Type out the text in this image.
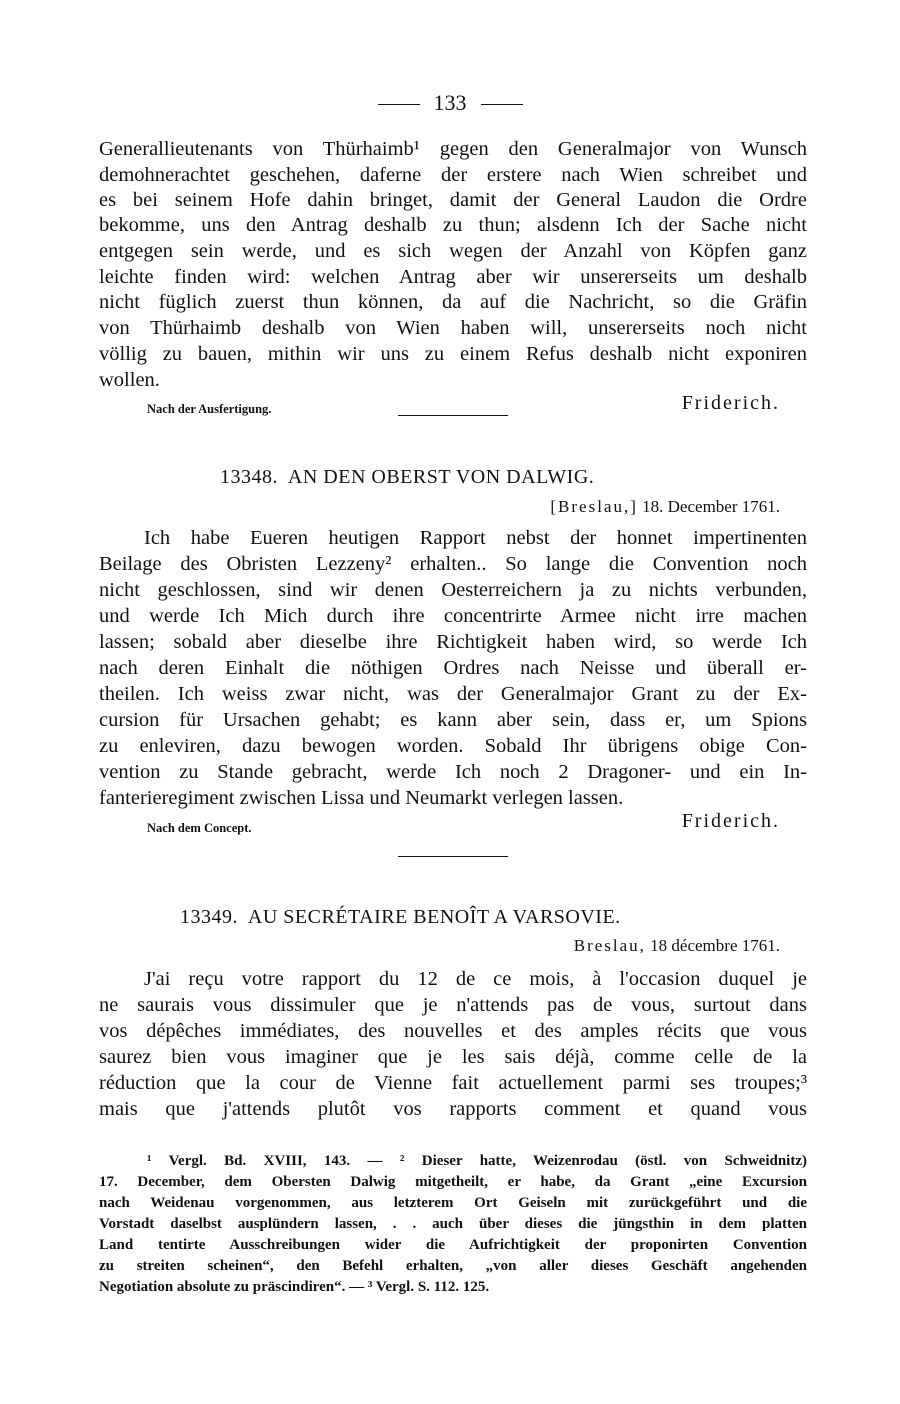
133
Generallieutenants von Thürhaimb¹ gegen den Generalmajor von Wunsch
demohnerachtet geschehen, daferne der erstere nach Wien schreibet und
es bei seinem Hofe dahin bringet, damit der General Laudon die Ordre
bekomme, uns den Antrag deshalb zu thun; alsdenn Ich der Sache nicht
entgegen sein werde, und es sich wegen der Anzahl von Köpfen ganz
leichte finden wird: welchen Antrag aber wir unsererseits um deshalb
nicht füglich zuerst thun können, da auf die Nachricht, so die Gräfin
von Thürhaimb deshalb von Wien haben will, unsererseits noch nicht
völlig zu bauen, mithin wir uns zu einem Refus deshalb nicht exponiren
wollen.
Nach der Ausfertigung.	Friderich.
13348. AN DEN OBERST VON DALWIG.
[Breslau,] 18. December 1761.
Ich habe Eueren heutigen Rapport nebst der honnet impertinenten
Beilage des Obristen Lezzeny² erhalten.. So lange die Convention noch
nicht geschlossen, sind wir denen Oesterreichern ja zu nichts verbunden,
und werde Ich Mich durch ihre concentrirte Armee nicht irre machen
lassen; sobald aber dieselbe ihre Richtigkeit haben wird, so werde Ich
nach deren Einhalt die nöthigen Ordres nach Neisse und überall er-
theilen. Ich weiss zwar nicht, was der Generalmajor Grant zu der Ex-
cursion für Ursachen gehabt; es kann aber sein, dass er, um Spions
zu enleviren, dazu bewogen worden. Sobald Ihr übrigens obige Con-
vention zu Stande gebracht, werde Ich noch 2 Dragoner- und ein In-
fanterieregiment zwischen Lissa und Neumarkt verlegen lassen.
Nach dem Concept.	Friderich.
13349. AU SECRÉTAIRE BENOÎT A VARSOVIE.
Breslau, 18 décembre 1761.
J'ai reçu votre rapport du 12 de ce mois, à l'occasion duquel je
ne saurais vous dissimuler que je n'attends pas de vous, surtout dans
vos dépêches immédiates, des nouvelles et des amples récits que vous
saurez bien vous imaginer que je les sais déjà, comme celle de la
réduction que la cour de Vienne fait actuellement parmi ses troupes;³
mais que j'attends plutôt vos rapports comment et quand vous
¹ Vergl. Bd. XVIII, 143. — ² Dieser hatte, Weizenrodau (östl. von Schweidnitz)
17. December, dem Obersten Dalwig mitgetheilt, er habe, da Grant „eine Excursion
nach Weidenau vorgenommen, aus letzterem Ort Geiseln mit zurückgeführt und die
Vorstadt daselbst ausplündern lassen, . . auch über dieses die jüngsthin in dem platten
Land tentirte Ausschreibungen wider die Aufrichtigkeit der proponirten Convention
zu streiten scheinen“, den Befehl erhalten, „von aller dieses Geschäft angehenden
Negotiation absolute zu präscindiren“. — ³ Vergl. S. 112. 125.
